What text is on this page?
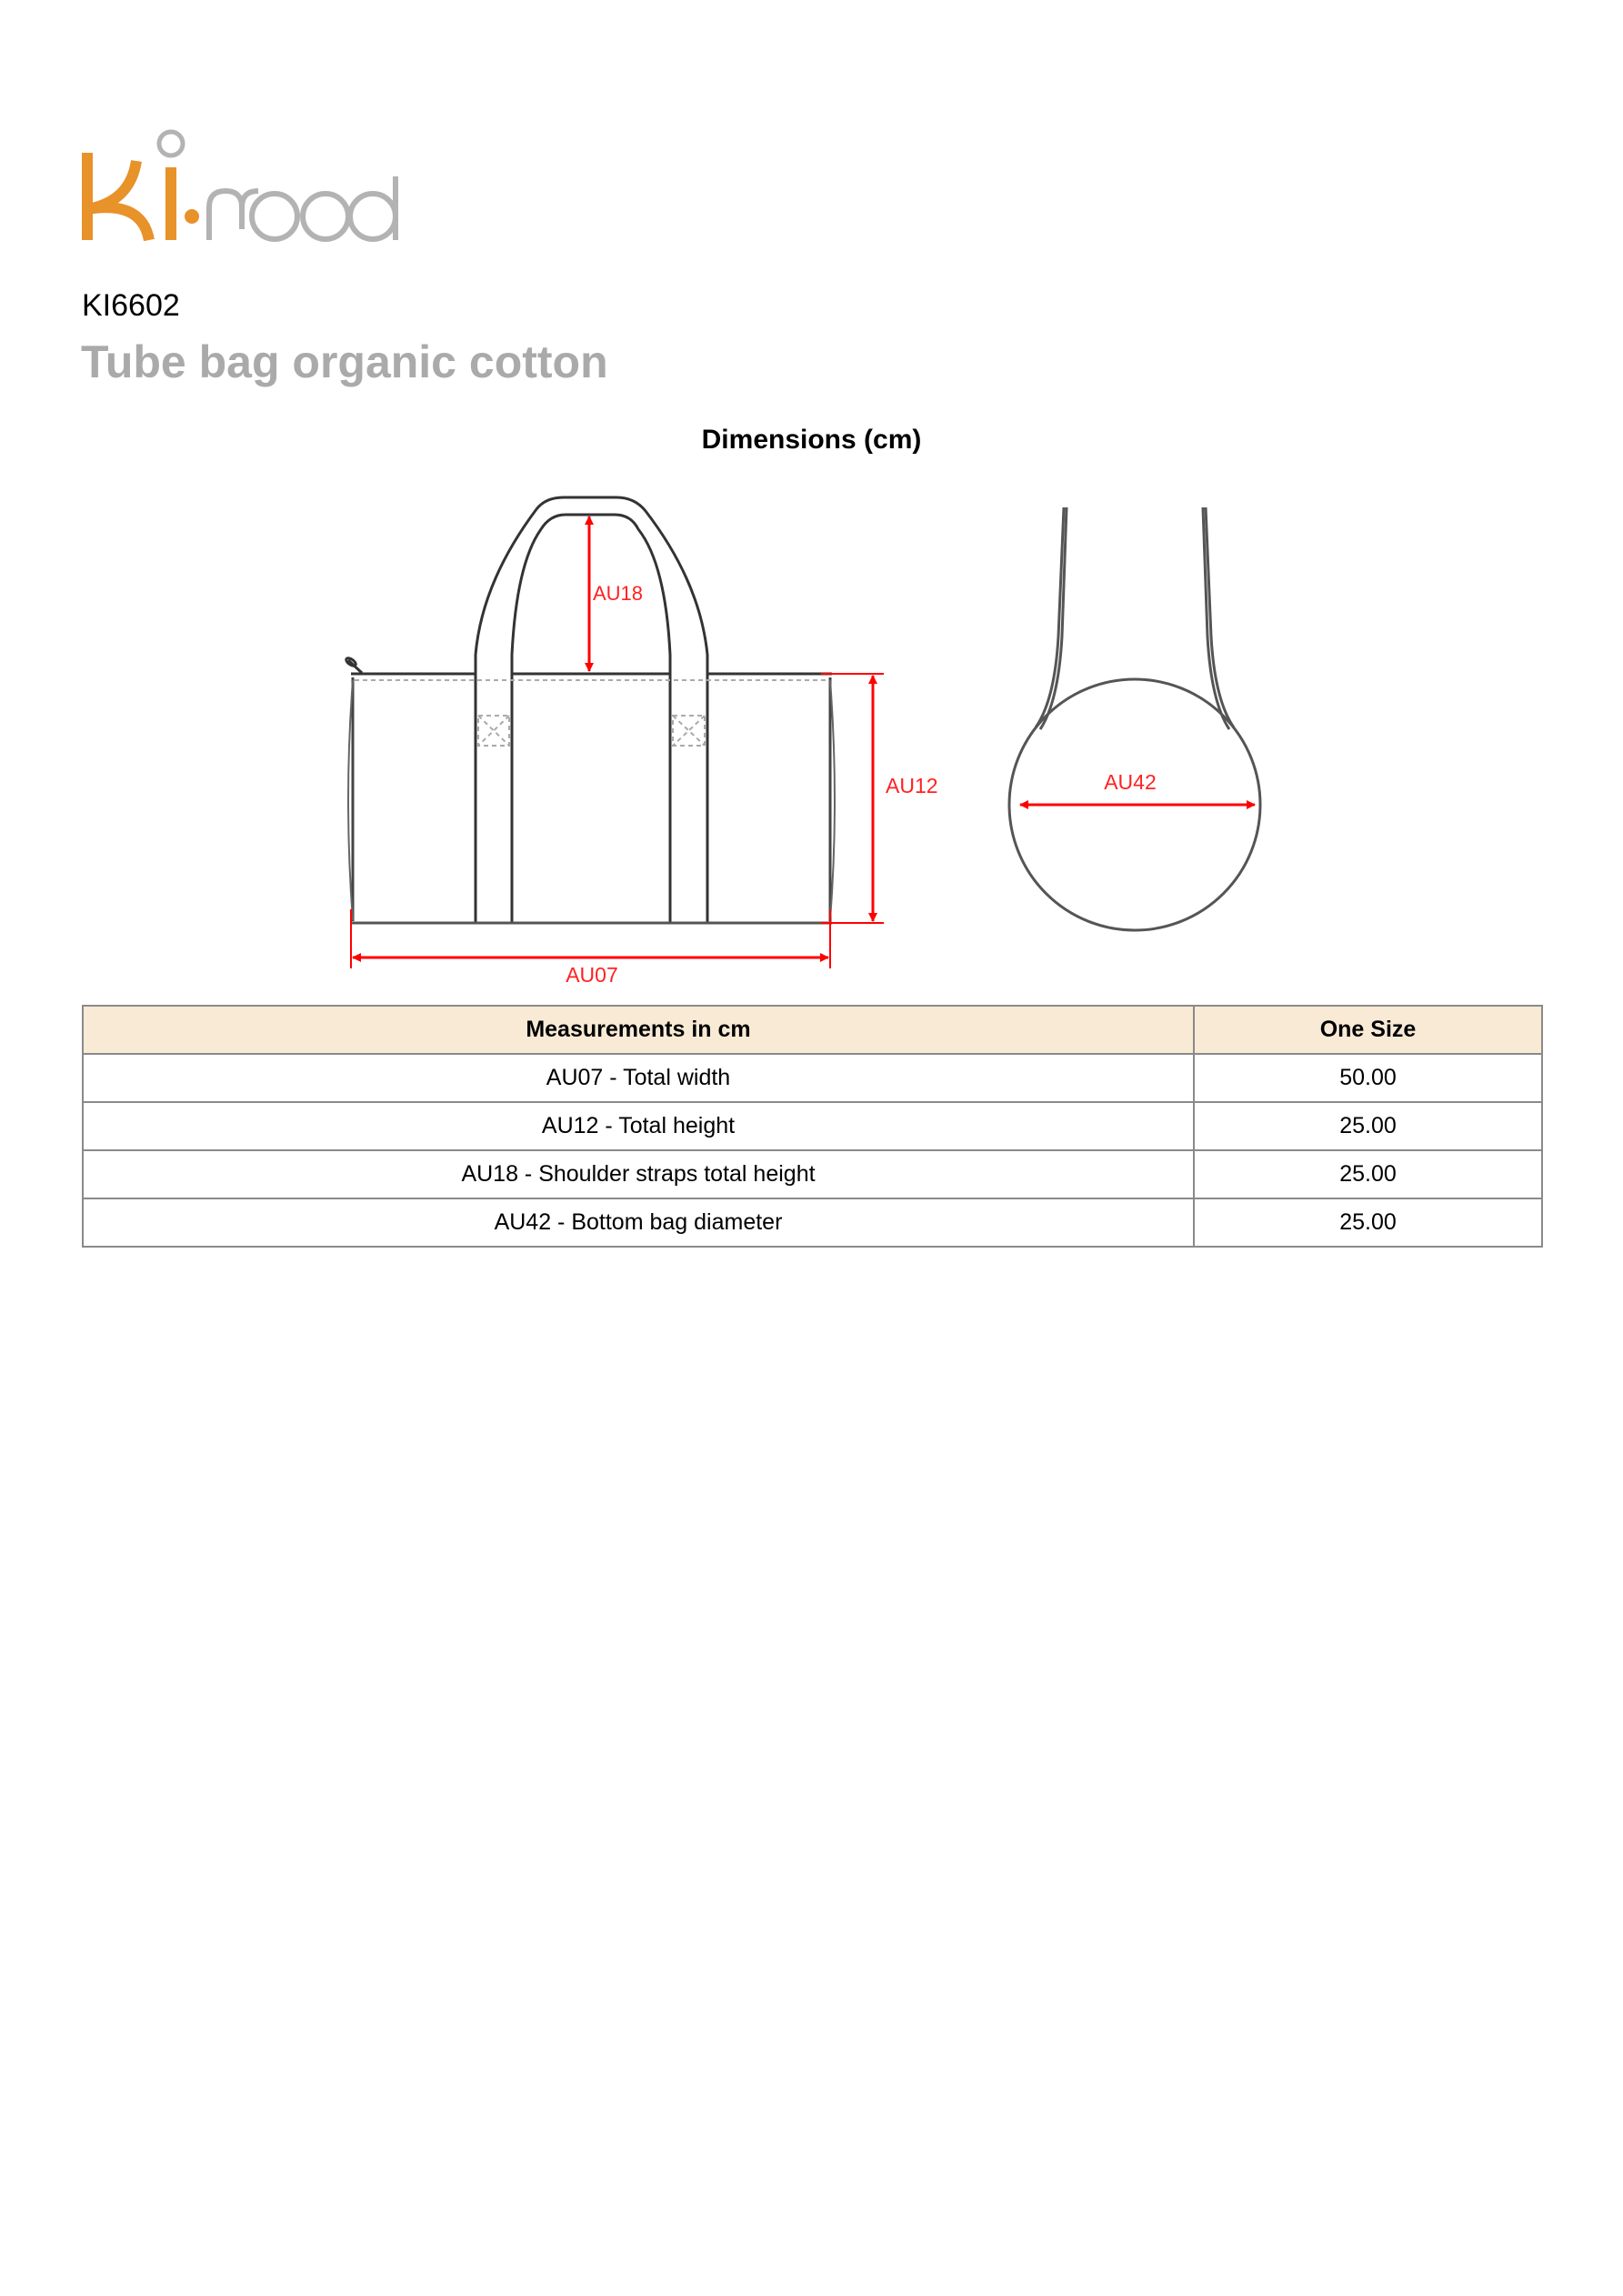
KI6602
Tube bag organic cotton
Dimensions (cm)
AU18
AU12
AU07
AU42
Measurements in cm	One Size
AU07 - Total width	50.00
AU12 - Total height	25.00
AU18 - Shoulder straps total height	25.00
AU42 - Bottom bag diameter	25.00
